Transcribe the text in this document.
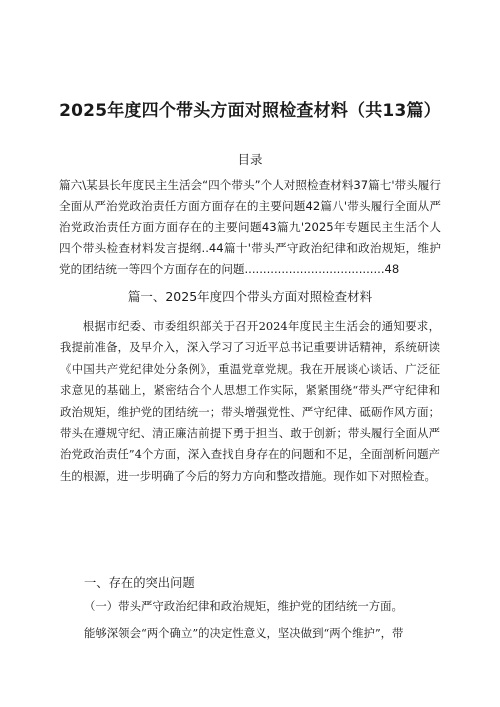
2025年度四个带头方面对照检查材料（共13篇）
目录
篇六\某县长年度民主生活会“四个带头”个人对照检查材料37篇七'带头履行全面从严治党政治责任方面方面存在的主要问题42篇八'带头履行全面从严治党政治责任方面方面存在的主要问题43篇九'2025年专题民主生活个人四个带头检查材料发言提纲..44篇十'带头严守政治纪律和政治规矩，维护党的团结统一等四个方面存在的问题......................................48
篇一、2025年度四个带头方面对照检查材料
根据市纪委、市委组织部关于召开2024年度民主生活会的通知要求，我提前准备，及早介入，深入学习了习近平总书记重要讲话精神，系统研读《中国共产党纪律处分条例》，重温党章党规。我在开展谈心谈话、广泛征求意见的基础上，紧密结合个人思想工作实际，紧紧围绕“带头严守纪律和政治规矩，维护党的团结统一；带头增强党性、严守纪律、砥砺作风方面；带头在遵规守纪、清正廉洁前提下勇于担当、敢于创新；带头履行全面从严治党政治责任”4个方面，深入查找自身存在的问题和不足，全面剖析问题产生的根源，进一步明确了今后的努力方向和整改措施。现作如下对照检查。
一、存在的突出问题
（一）带头严守政治纪律和政治规矩，维护党的团结统一方面。
能够深领会“两个确立”的决定性意义，坚决做到“两个维护”，带
